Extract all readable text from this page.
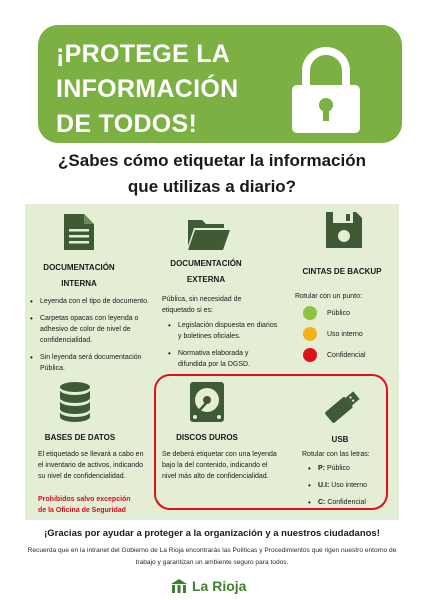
¡PROTEGE LA
INFORMACIÓN
DE TODOS!
¿Sabes cómo etiquetar la información
que utilizas a diario?
DOCUMENTACIÓN
INTERNA
• Leyenda con el tipo de documento.
• Carpetas opacas con leyenda o adhesivo de color de nivel de confidencialidad.
• Sin leyenda será documentación Pública.
DOCUMENTACIÓN
EXTERNA
Pública, sin necesidad de etiquetado si es:
• Legislación dispuesta en diarios y boletines oficiales.
• Normativa elaborada y difundida por la DGSD.
CINTAS DE BACKUP
Rotular con un punto:
Público
Uso interno
Confidencial
BASES DE DATOS
El etiquetado se llevará a cabo en el inventario de activos, indicando su nivel de confidencialidad.
DISCOS DUROS
Se deberá etiquetar con una leyenda bajo la del contenido, indicando el nivel más alto de confidencialidad.
USB
Rotular con las letras:
• P: Público
• U.I: Uso interno
• C: Confidencial
Prohibidos salvo excepción
de la Oficina de Seguridad
¡Gracias por ayudar a proteger a la organización y a nuestros ciudadanos!
Recuerda que en la intranet del Gobierno de La Rioja encontrarás las Políticas y Procedimientos que rigen nuestro entorno de trabajo y garantizan un ambiente seguro para todos.
La Rioja
